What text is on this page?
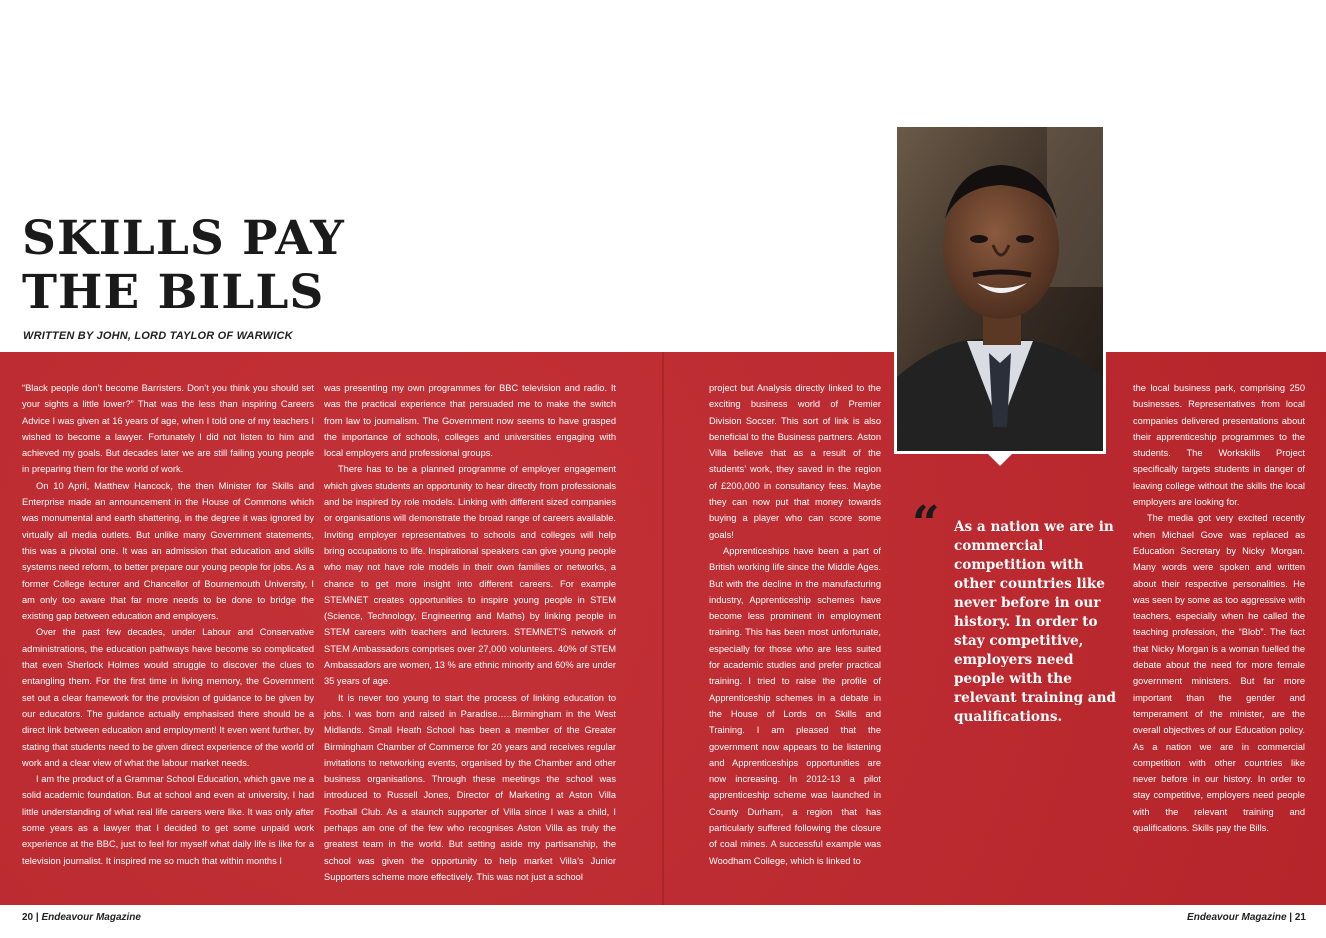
SKILLS PAY
THE BILLS
WRITTEN BY JOHN, LORD TAYLOR OF WARWICK

“Black people don’t become Barristers. Don’t you think you should set your sights a little lower?” That was the less than inspiring Careers Advice I was given at 16 years of age, when I told one of my teachers I wished to become a lawyer. Fortunately I did not listen to him and achieved my goals. But decades later we are still failing young people in preparing them for the world of work.

On 10 April, Matthew Hancock, the then Minister for Skills and Enterprise made an announcement in the House of Commons which was monumental and earth shattering, in the degree it was ignored by virtually all media outlets. But unlike many Government statements, this was a pivotal one. It was an admission that education and skills systems need reform, to better prepare our young people for jobs. As a former College lecturer and Chancellor of Bournemouth University, I am only too aware that far more needs to be done to bridge the existing gap between education and employers.

Over the past few decades, under Labour and Conservative administrations, the education pathways have become so complicated that even Sherlock Holmes would struggle to discover the clues to entangling them. For the first time in living memory, the Government set out a clear framework for the provision of guidance to be given by our educators. The guidance actually emphasised there should be a direct link between education and employment! It even went further, by stating that students need to be given direct experience of the world of work and a clear view of what the labour market needs.

I am the product of a Grammar School Education, which gave me a solid academic foundation. But at school and even at university, I had little understanding of what real life careers were like. It was only after some years as a lawyer that I decided to get some unpaid work experience at the BBC, just to feel for myself what daily life is like for a television journalist. It inspired me so much that within months I

was presenting my own programmes for BBC television and radio. It was the practical experience that persuaded me to make the switch from law to journalism. The Government now seems to have grasped the importance of schools, colleges and universities engaging with local employers and professional groups.

There has to be a planned programme of employer engagement which gives students an opportunity to hear directly from professionals and be inspired by role models. Linking with different sized companies or organisations will demonstrate the broad range of careers available. Inviting employer representatives to schools and colleges will help bring occupations to life. Inspirational speakers can give young people who may not have role models in their own families or networks, a chance to get more insight into different careers. For example STEMNET creates opportunities to inspire young people in STEM (Science, Technology, Engineering and Maths) by linking people in STEM careers with teachers and lecturers. STEMNET’S network of STEM Ambassadors comprises over 27,000 volunteers. 40% of STEM Ambassadors are women, 13 % are ethnic minority and 60% are under 35 years of age.

It is never too young to start the process of linking education to jobs. I was born and raised in Paradise…..Birmingham in the West Midlands. Small Heath School has been a member of the Greater Birmingham Chamber of Commerce for 20 years and receives regular invitations to networking events, organised by the Chamber and other business organisations. Through these meetings the school was introduced to Russell Jones, Director of Marketing at Aston Villa Football Club. As a staunch supporter of Villa since I was a child, I perhaps am one of the few who recognises Aston Villa as truly the greatest team in the world. But setting aside my partisanship, the school was given the opportunity to help market Villa’s Junior Supporters scheme more effectively. This was not just a school

project but Analysis directly linked to the exciting business world of Premier Division Soccer. This sort of link is also beneficial to the Business partners. Aston Villa believe that as a result of the students’ work, they saved in the region of £200,000 in consultancy fees. Maybe they can now put that money towards buying a player who can score some goals!

Apprenticeships have been a part of British working life since the Middle Ages. But with the decline in the manufacturing industry, Apprenticeship schemes have become less prominent in employment training. This has been most unfortunate, especially for those who are less suited for academic studies and prefer practical training. I tried to raise the profile of Apprenticeship schemes in a debate in the House of Lords on Skills and Training. I am pleased that the government now appears to be listening and Apprenticeships opportunities are now increasing. In 2012-13 a pilot apprenticeship scheme was launched in County Durham, a region that has particularly suffered following the closure of coal mines. A successful example was Woodham College, which is linked to

the local business park, comprising 250 businesses. Representatives from local companies delivered presentations about their apprenticeship programmes to the students. The Workskills Project specifically targets students in danger of leaving college without the skills the local employers are looking for.

The media got very excited recently when Michael Gove was replaced as Education Secretary by Nicky Morgan. Many words were spoken and written about their respective personalities. He was seen by some as too aggressive with teachers, especially when he called the teaching profession, the “Blob”. The fact that Nicky Morgan is a woman fuelled the debate about the need for more female government ministers. But far more important than the gender and temperament of the minister, are the overall objectives of our Education policy. As a nation we are in commercial competition with other countries like never before in our history. In order to stay competitive, employers need people with the relevant training and qualifications. Skills pay the Bills.

“ As a nation we are in commercial competition with other countries like never before in our history. In order to stay competitive, employers need people with the relevant training and qualifications.
20 | Endeavour Magazine	Endeavour Magazine | 21
